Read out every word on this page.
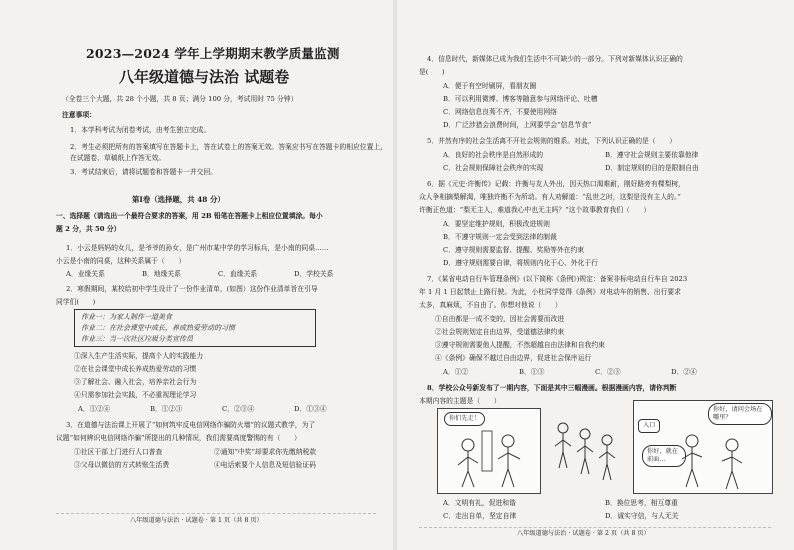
2023—2024 学年上学期期末教学质量监测
八年级道德与法治 试题卷
（全卷三个大题，共 28 个小题，共 8 页；满分 100 分，考试用时 75 分钟）
注意事项：
1．本学科考试为闭卷考试，由考生独立完成。
2．考生必须把所有的答案填写在答题卡上，答在试卷上的答案无效。答案应书写在答题卡的相应位置上，
在试题卷、草稿纸上作答无效。
3．考试结束后，请将试题卷和答题卡一并交回。
第Ⅰ卷（选择题，共 48 分）
一、选择题（请选出一个最符合要求的答案，用 2B 铅笔在答题卡上相应位置填涂。每小
题 2 分，共 50 分）
1．小云是妈妈的女儿，是爷爷的孙女，是广州市某中学的学习标兵，是小南的同桌……
小云是小南的同桌，这种关系属于（　　）
A．业缘关系	B．地缘关系	C．血缘关系	D．学校关系
2．寒假期间，某校给初中学生设计了一份作业清单，(如图）这份作业清单旨在引导
同学们(　　)
作业一：为家人制作一道美食
作业二：在社会课堂中成长，养成热爱劳动的习惯
作业三：当一次社区垃圾分类宣传员
①深入生产生活实际，提高个人的实践能力
②在社会课堂中成长养成热爱劳动的习惯
③了解社会、融入社会，培养亲社会行为
④只需参加社会实践，不必重视理论学习
A．①②④	B．①②③	C．②③④	D．①③④
3．在道德与法治课上开展了“如何筑牢反电信网络诈骗防火墙”的议题式教学，为了
议题“如何辨识电信网络诈骗”所提出的几种情况，我们需要高度警惕的有（　　）
①社区干部上门进行人口普查	②通知“中奖”却要求你先缴纳税款
③父母以微信的方式转账生活费	④电话索要个人信息及短信验证码
八年级道德与法治 · 试题卷 · 第 1 页（共 8 页）
4．信息时代，新媒体已成为我们生活中不可缺少的一部分。下列对新媒体认识正确的
是(　　)
A．便于有空时刷屏，看朋友圈
B．可以利用微博、博客等随意参与网络评论、吐槽
C．网络信息良莠不齐，不要使用网络
D．广泛涉猎会浪费时间，上网要学会“信息节食”
5．井然有序的社会生活离不开社会规则的维系。对此，下列认识正确的是（　　）
A．良好的社会秩序是自然形成的	B．遵守社会规则主要依靠他律
C．社会规则保障社会秩序的实现	D．制定规则的目的是限制自由
6．据《元史·许衡传》记载：许衡与友人外出，因天热口渴难耐，刚好路旁有棵梨树，
众人争相摘梨解渴，唯独许衡不为所动。有人劝解道：“乱世之时，这梨是没有主人的。”
许衡正色道：“梨无主人，难道我心中也无主吗？”这个故事教育我们（　　）
A．要坚定维护规则，积极改进规则
B．不遵守规则一定会受到法律的制裁
C．遵守规则需要监督、提醒、奖励等外在约束
D．遵守规则需要自律，将规则内化于心、外化于行
7．《某省电动自行车管理条例》(以下简称《条例》)规定：备案非标电动自行车自 2023
年 1 月 1 日起禁止上路行驶。为此，小杜同学觉得《条例》对电动车的销售、出行要求
太多，真麻烦，不自由了。你想对他说（　　）
①自由都是一成不变的，因社会需要而改进
②社会规则划定自由边界，受道德法律约束
③遵守规则需要他人提醒，不然超越自由法律和自我约束
④《条例》确保不越过自由边界，促进社会保序运行
A．①②	B．①③	C．②③	D．②④
8．学校公众号新发布了一期内容，下面是其中三幅漫画。根据漫画内容，请你判断
本期内容的主题是（　　）
你们先走！
入口
你好，请问会场在哪里？
你好，就在前面...
A．文明有礼，促进和谐	B．换位思考，相互尊重
C．走出自单，坚定自律	D．诚实守信，与人无关
八年级道德与法治 · 试题卷 · 第 2 页（共 8 页）
